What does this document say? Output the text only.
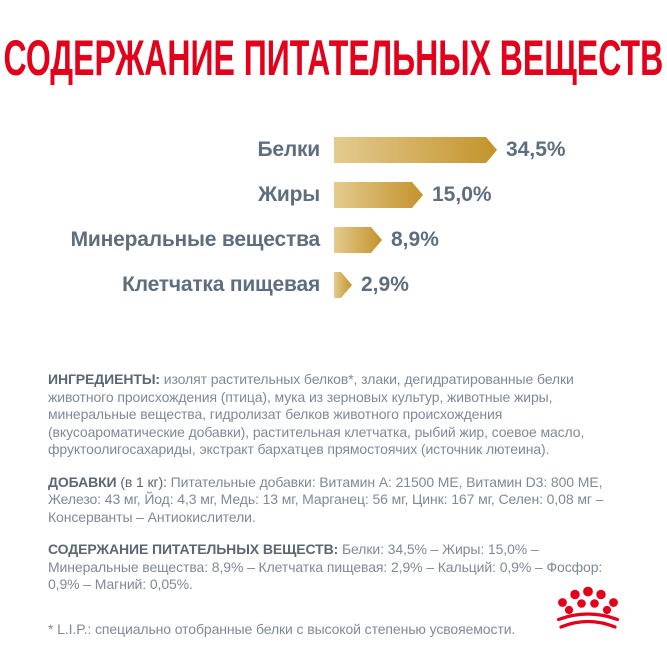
СОДЕРЖАНИЕ ПИТАТЕЛЬНЫХ ВЕЩЕСТВ
Белки	34,5%
Жиры	15,0%
Минеральные вещества	8,9%
Клетчатка пищевая 2,9%

ИНГРЕДИЕНТЫ: изолят растительных белков*, злаки, дегидратированные белки животного происхождения (птица), мука из зерновых культур, животные жиры, минеральные вещества, гидролизат белков животного происхождения (вкусоароматические добавки), растительная клетчатка, рыбий жир, соевое масло, фруктоолигосахариды, экстракт бархатцев прямостоячих (источник лютеина).

ДОБАВКИ (в 1 кг): Питательные добавки: Витамин A: 21500 МЕ, Витамин D3: 800 МЕ, Железо: 43 мг, Йод: 4,3 мг, Медь: 13 мг, Марганец: 56 мг, Цинк: 167 мг, Селен: 0,08 мг – Консерванты – Антиокислители.

СОДЕРЖАНИЕ ПИТАТЕЛЬНЫХ ВЕЩЕСТВ: Белки: 34,5% – Жиры: 15,0% – Минеральные вещества: 8,9% – Клетчатка пищевая: 2,9% – Кальций: 0,9% – Фосфор: 0,9% – Магний: 0,05%.

* L.I.P.: специально отобранные белки с высокой степенью усвояемости.
